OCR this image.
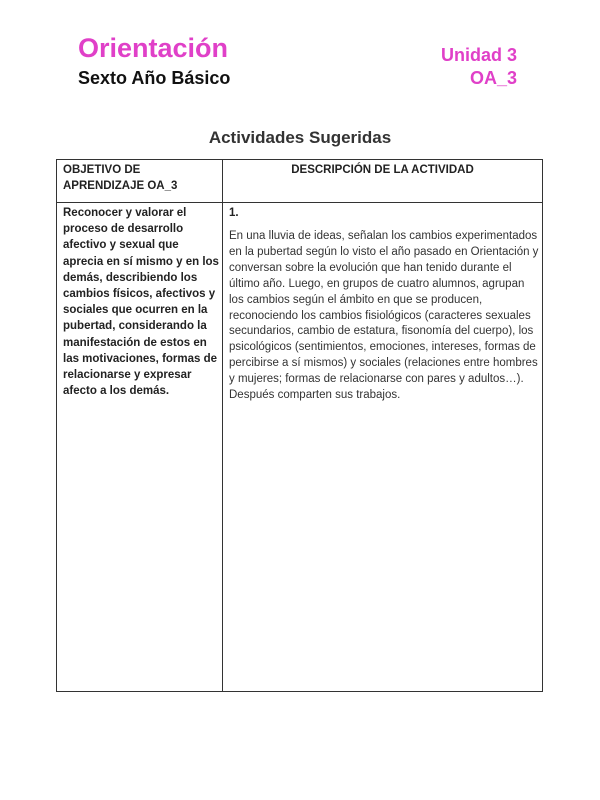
Orientación
Sexto Año Básico
Unidad 3
OA_3
Actividades Sugeridas
OBJETIVO DE APRENDIZAJE OA_3
DESCRIPCIÓN DE LA ACTIVIDAD
Reconocer y valorar el proceso de desarrollo afectivo y sexual que aprecia en sí mismo y en los demás, describiendo los cambios físicos, afectivos y sociales que ocurren en la pubertad, considerando la manifestación de estos en las motivaciones, formas de relacionarse y expresar afecto a los demás.
1.
En una lluvia de ideas, señalan los cambios experimentados en la pubertad según lo visto el año pasado en Orientación y conversan sobre la evolución que han tenido durante el último año. Luego, en grupos de cuatro alumnos, agrupan los cambios según el ámbito en que se producen, reconociendo los cambios fisiológicos (caracteres sexuales secundarios, cambio de estatura, fisonomía del cuerpo), los psicológicos (sentimientos, emociones, intereses, formas de percibirse a sí mismos) y sociales (relaciones entre hombres y mujeres; formas de relacionarse con pares y adultos…). Después comparten sus trabajos.
